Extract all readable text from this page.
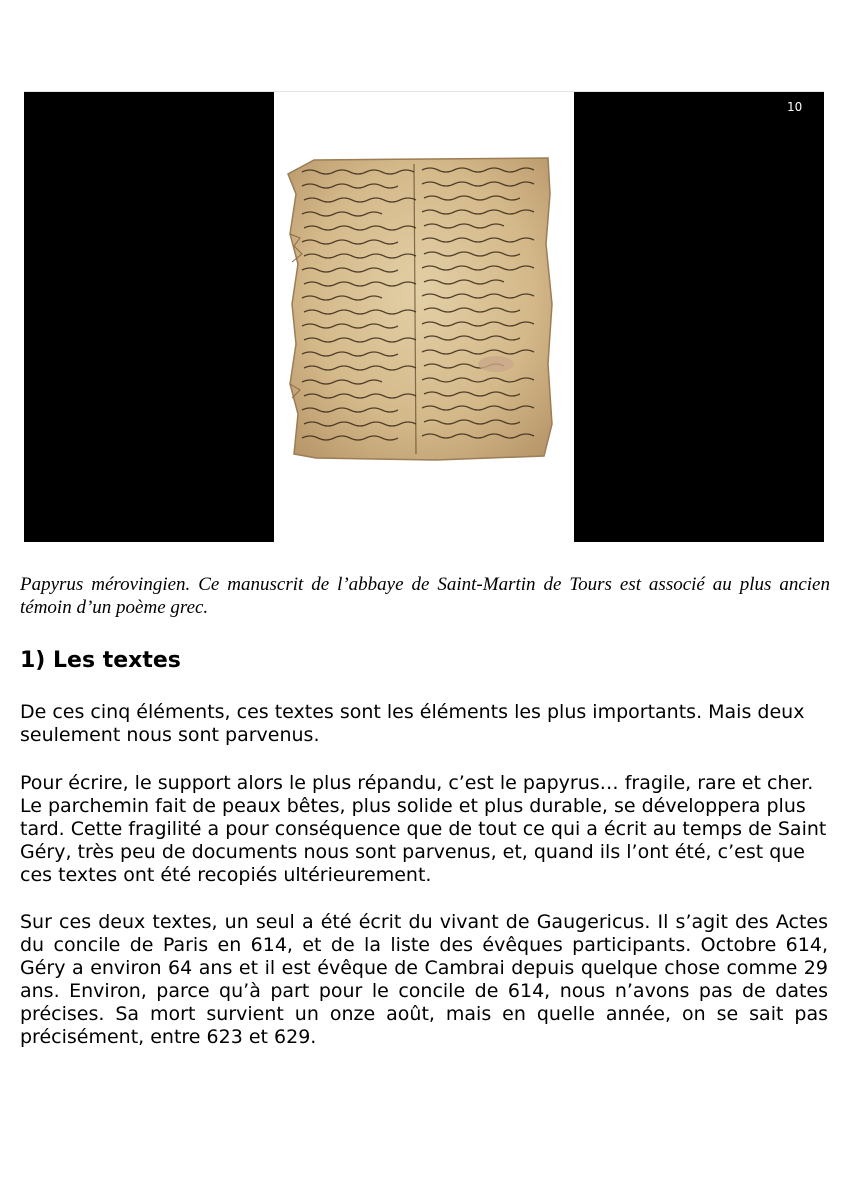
10
Papyrus mérovingien. Ce manuscrit de l’abbaye de Saint-Martin de Tours est associé au plus ancien témoin d’un poème grec.
1) Les textes

De ces cinq éléments, ces textes sont les éléments les plus importants. Mais deux seulement nous sont parvenus.

Pour écrire, le support alors le plus répandu, c’est le papyrus… fragile, rare et cher. Le parchemin fait de peaux bêtes, plus solide et plus durable, se développera plus tard. Cette fragilité a pour conséquence que de tout ce qui a écrit au temps de Saint Géry, très peu de documents nous sont parvenus, et, quand ils l’ont été, c’est que ces textes ont été recopiés ultérieurement.

Sur ces deux textes, un seul a été écrit du vivant de Gaugericus. Il s’agit des Actes du concile de Paris en 614, et de la liste des évêques participants. Octobre 614, Géry a environ 64 ans et il est évêque de Cambrai depuis quelque chose comme 29 ans. Environ, parce qu’à part pour le concile de 614, nous n’avons pas de dates précises. Sa mort survient un onze août, mais en quelle année, on se sait pas précisément, entre 623 et 629.
